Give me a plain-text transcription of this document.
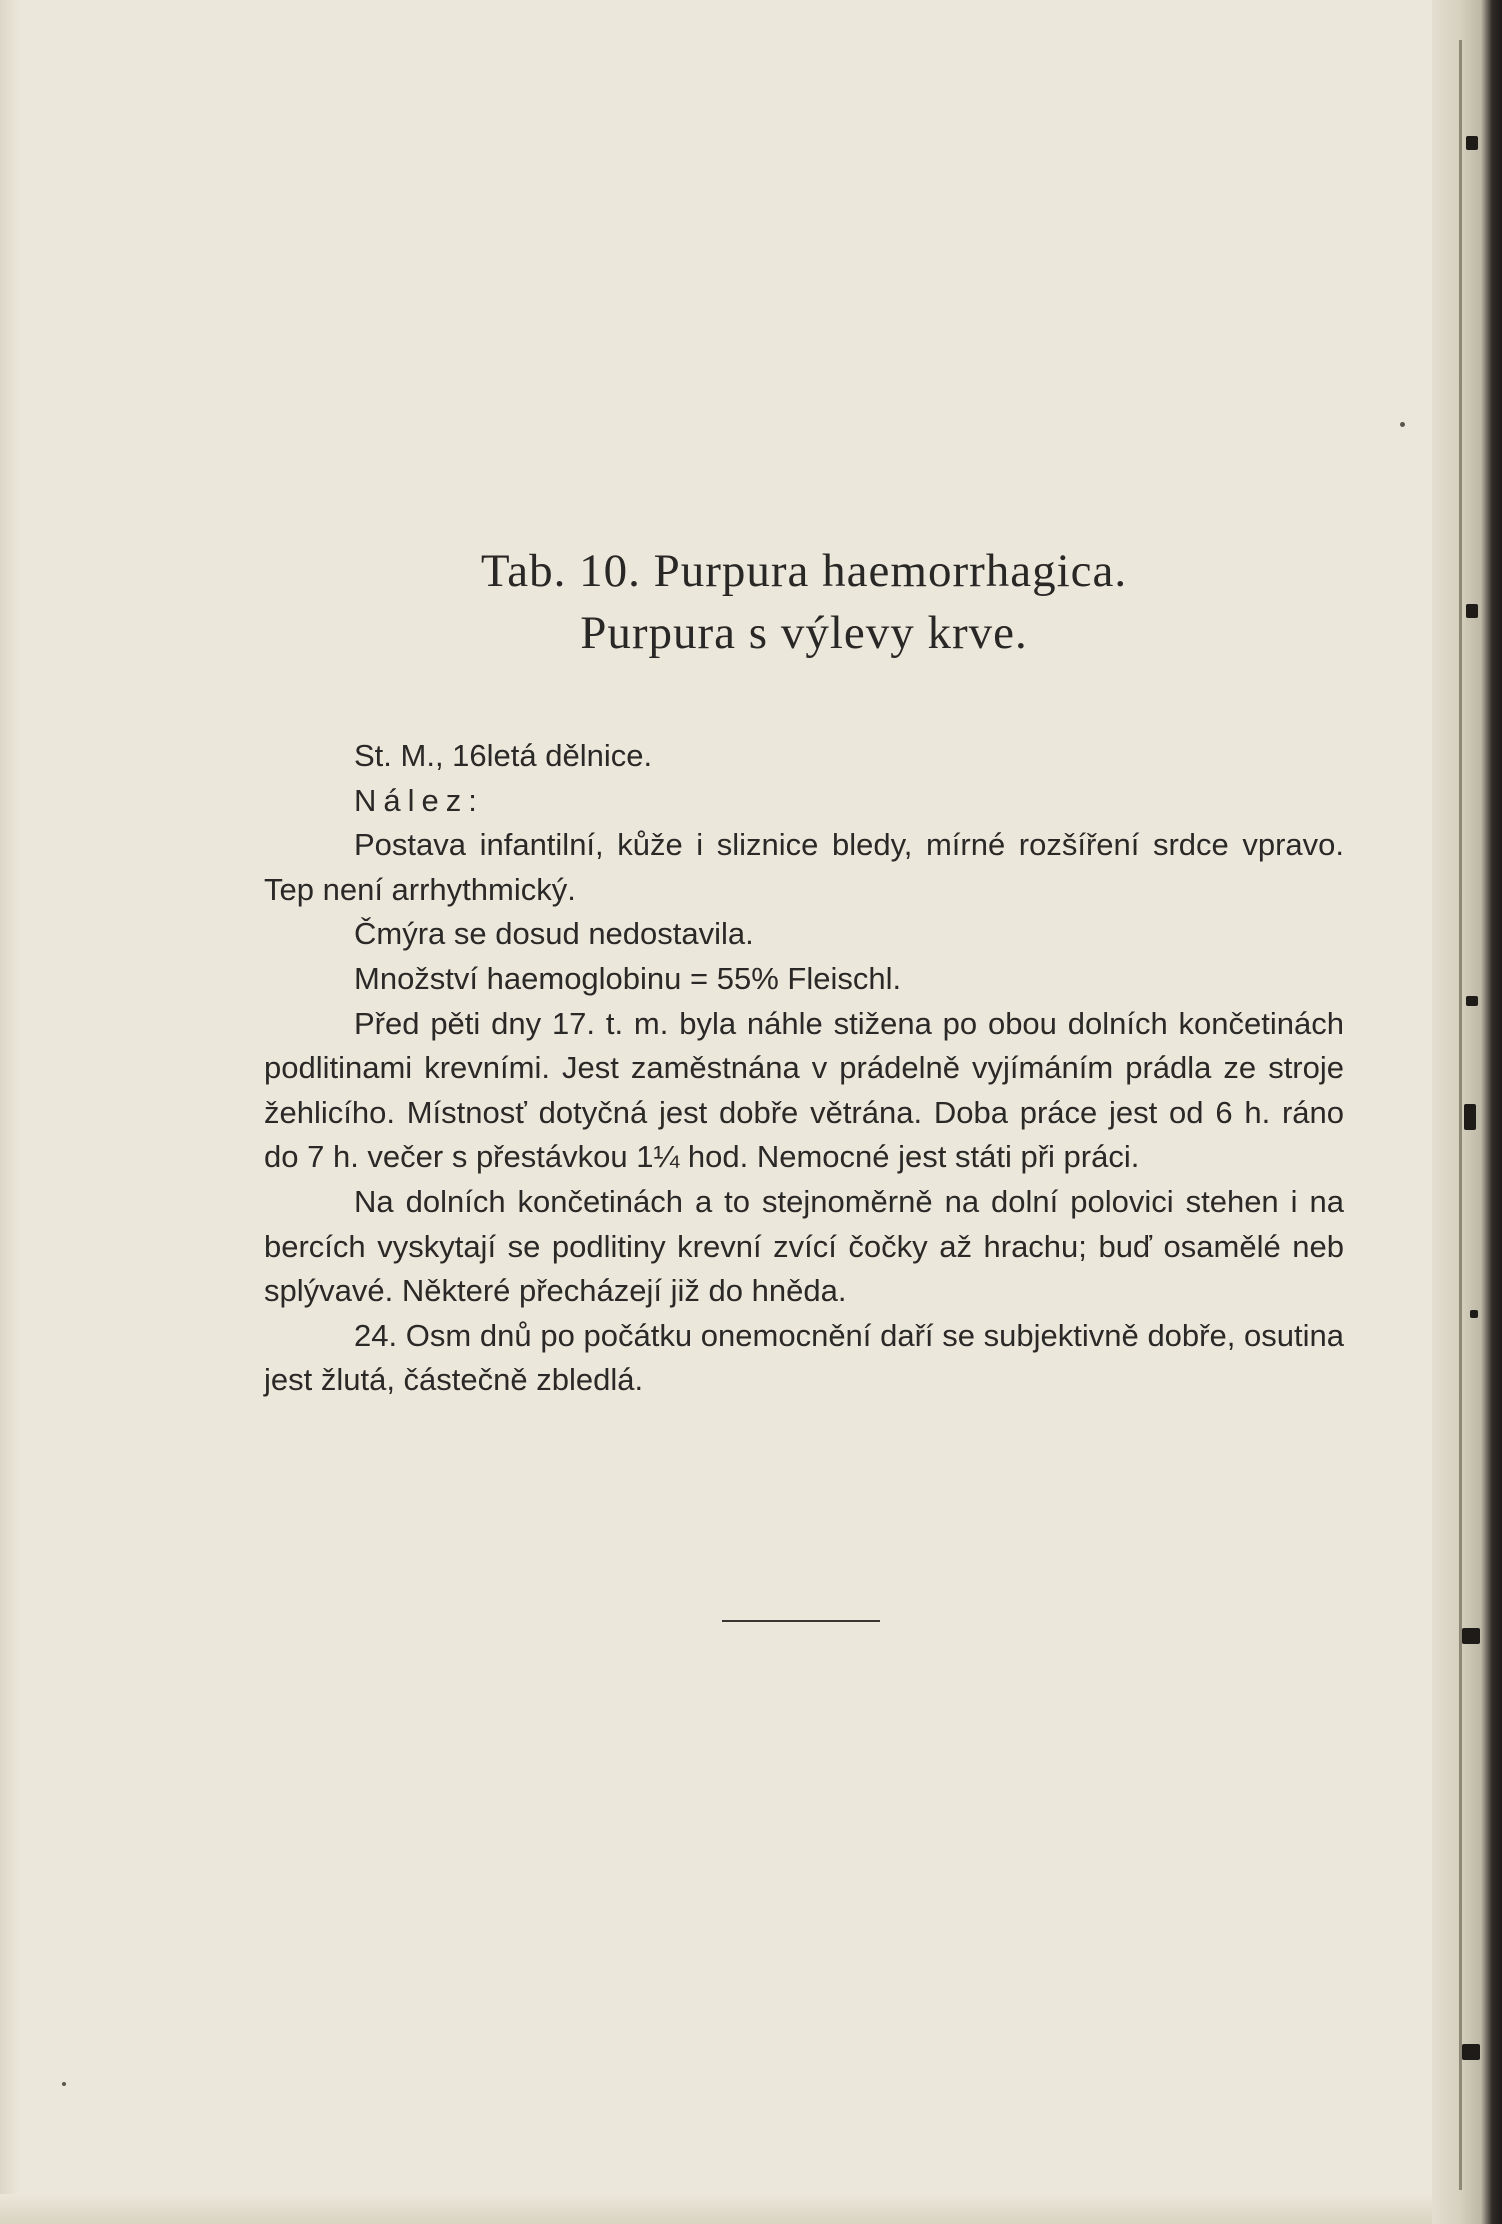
Tab. 10. Purpura haemorrhagica.
Purpura s výlevy krve.

St. M., 16letá dělnice.

Nález:

Postava infantilní, kůže i sliznice bledy, mírné rozšíření srdce vpravo. Tep není arrhythmický.

Čmýra se dosud nedostavila.

Množství haemoglobinu = 55% Fleischl.

Před pěti dny 17. t. m. byla náhle stižena po obou dolních končetinách podlitinami krevními. Jest zaměstnána v prádelně vyjímáním prádla ze stroje žehlicího. Místnosť dotyčná jest dobře větrána. Doba práce jest od 6 h. ráno do 7 h. večer s přestávkou 1¼ hod. Nemocné jest státi při práci.

Na dolních končetinách a to stejnoměrně na dolní polovici stehen i na bercích vyskytají se podlitiny krevní zvící čočky až hrachu; buď osamělé neb splývavé. Některé přecházejí již do hněda.

24. Osm dnů po počátku onemocnění daří se subjektivně dobře, osutina jest žlutá, částečně zbledlá.
